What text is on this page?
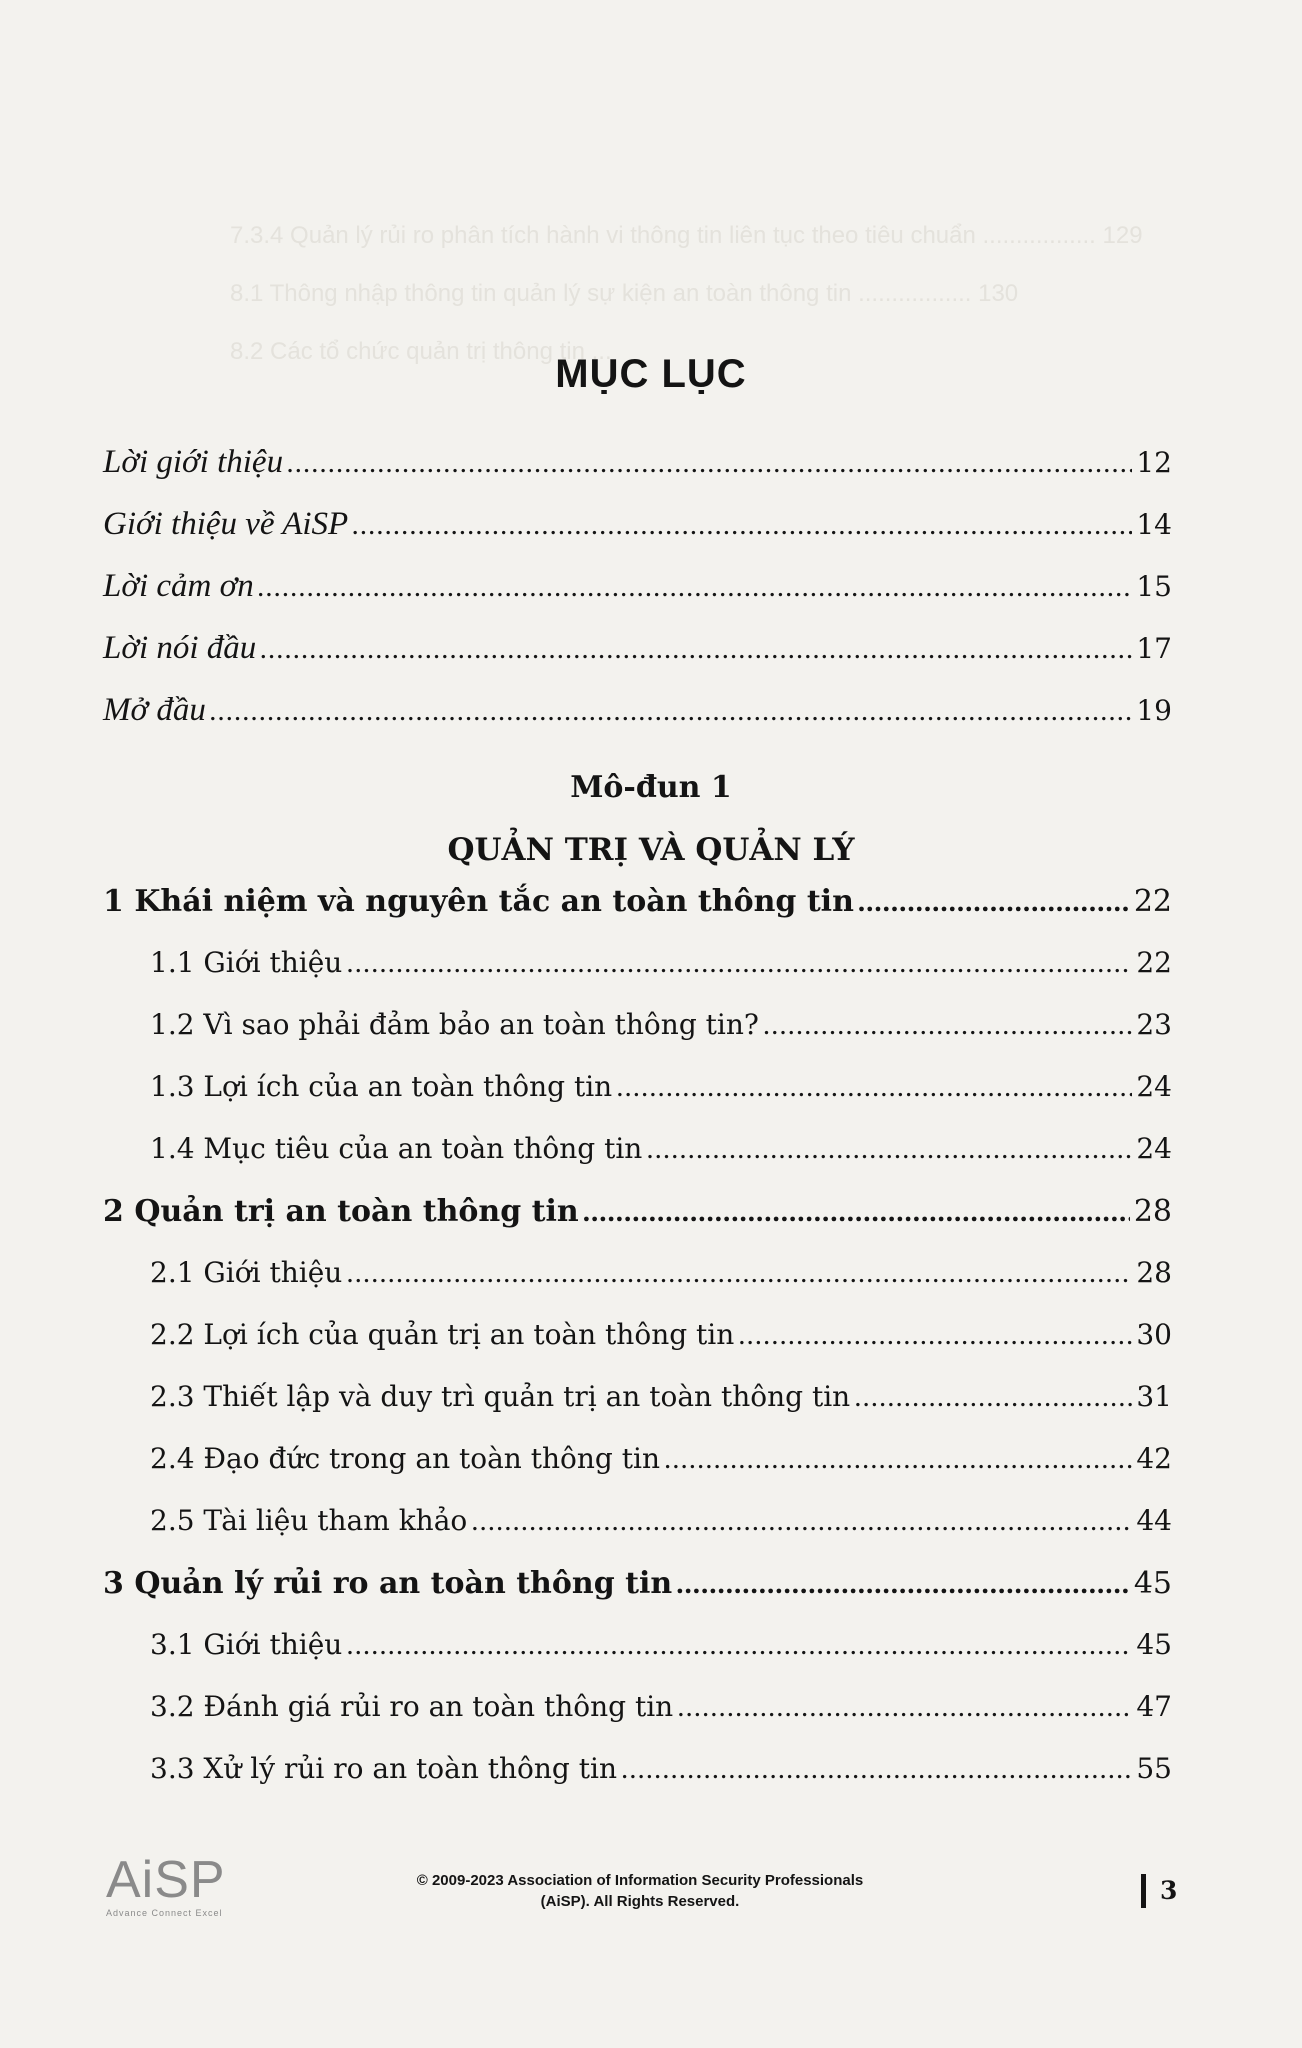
7.3.4 Quản lý rủi ro phân tích hành vi thông tin liên tục theo tiêu chuẩn ................. 129
8.1 Thông nhập thông tin quản lý sự kiện an toàn thông tin ................. 130
8.2 Các tổ chức quản trị thông tin ...
MỤC LỤC
Lời giới thiệu .....	12
Giới thiệu về AiSP .....	14
Lời cảm ơn .....	15
Lời nói đầu .....	17
Mở đầu .....	19
Mô-đun 1
QUẢN TRỊ VÀ QUẢN LÝ
1 Khái niệm và nguyên tắc an toàn thông tin .....	22
1.1 Giới thiệu .....	22
1.2 Vì sao phải đảm bảo an toàn thông tin? .....	23
1.3 Lợi ích của an toàn thông tin .....	24
1.4 Mục tiêu của an toàn thông tin .....	24
2 Quản trị an toàn thông tin .....	28
2.1 Giới thiệu .....	28
2.2 Lợi ích của quản trị an toàn thông tin .....	30
2.3 Thiết lập và duy trì quản trị an toàn thông tin .....	31
2.4 Đạo đức trong an toàn thông tin .....	42
2.5 Tài liệu tham khảo .....	44
3 Quản lý rủi ro an toàn thông tin .....	45
3.1 Giới thiệu .....	45
3.2 Đánh giá rủi ro an toàn thông tin .....	47
3.3 Xử lý rủi ro an toàn thông tin .....	55
AiSP
Advance Connect Excel
© 2009-2023 Association of Information Security Professionals
(AiSP). All Rights Reserved.	3
